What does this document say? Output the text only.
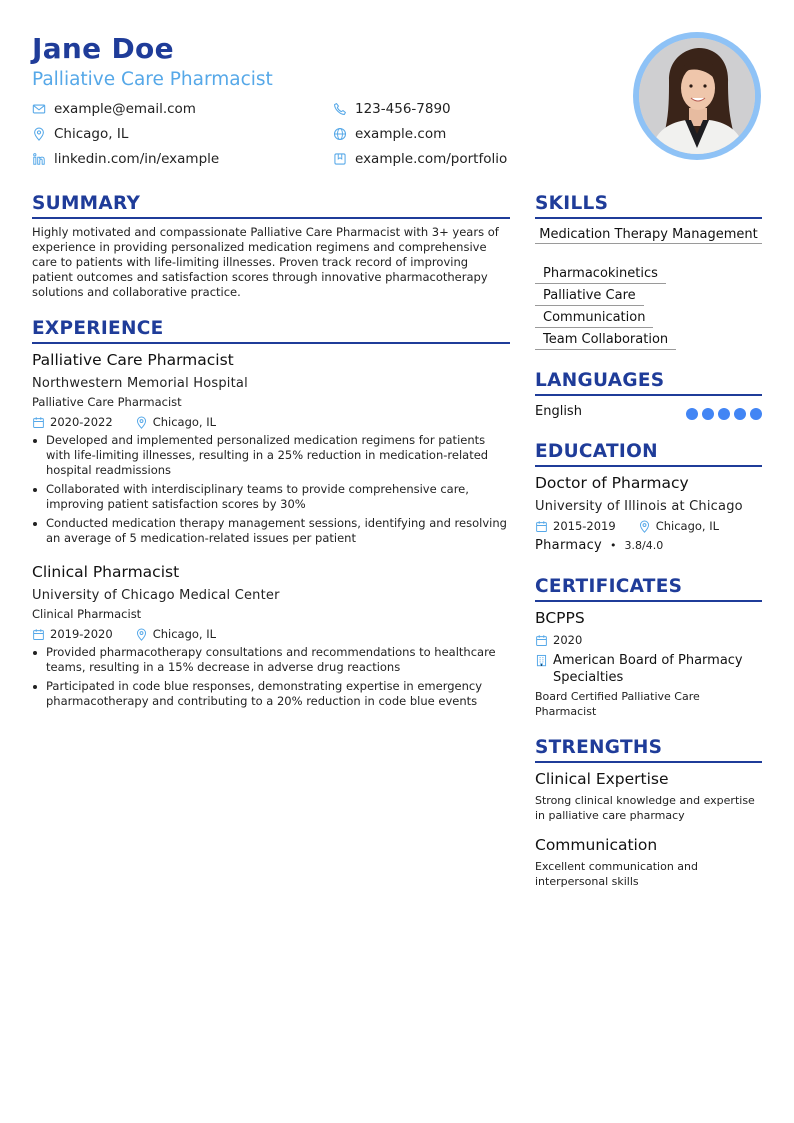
Jane Doe
Palliative Care Pharmacist
example@email.com	123-456-7890
Chicago, IL	example.com
linkedin.com/in/example	example.com/portfolio
SUMMARY
Highly motivated and compassionate Palliative Care Pharmacist with 3+ years of experience in providing personalized medication regimens and comprehensive care to patients with life-limiting illnesses. Proven track record of improving patient outcomes and satisfaction scores through innovative pharmacotherapy solutions and collaborative practice.
EXPERIENCE
Palliative Care Pharmacist
Northwestern Memorial Hospital
Palliative Care Pharmacist
2020-2022	Chicago, IL
Developed and implemented personalized medication regimens for patients with life-limiting illnesses, resulting in a 25% reduction in medication-related hospital readmissions
Collaborated with interdisciplinary teams to provide comprehensive care, improving patient satisfaction scores by 30%
Conducted medication therapy management sessions, identifying and resolving an average of 5 medication-related issues per patient
Clinical Pharmacist
University of Chicago Medical Center
Clinical Pharmacist
2019-2020	Chicago, IL
Provided pharmacotherapy consultations and recommendations to healthcare teams, resulting in a 15% decrease in adverse drug reactions
Participated in code blue responses, demonstrating expertise in emergency pharmacotherapy and contributing to a 20% reduction in code blue events
SKILLS
Medication Therapy Management
Pharmacokinetics
Palliative Care
Communication
Team Collaboration
LANGUAGES
English
EDUCATION
Doctor of Pharmacy
University of Illinois at Chicago
2015-2019	Chicago, IL
Pharmacy • 3.8/4.0
CERTIFICATES
BCPPS
2020
American Board of Pharmacy Specialties
Board Certified Palliative Care Pharmacist
STRENGTHS
Clinical Expertise
Strong clinical knowledge and expertise in palliative care pharmacy
Communication
Excellent communication and interpersonal skills
